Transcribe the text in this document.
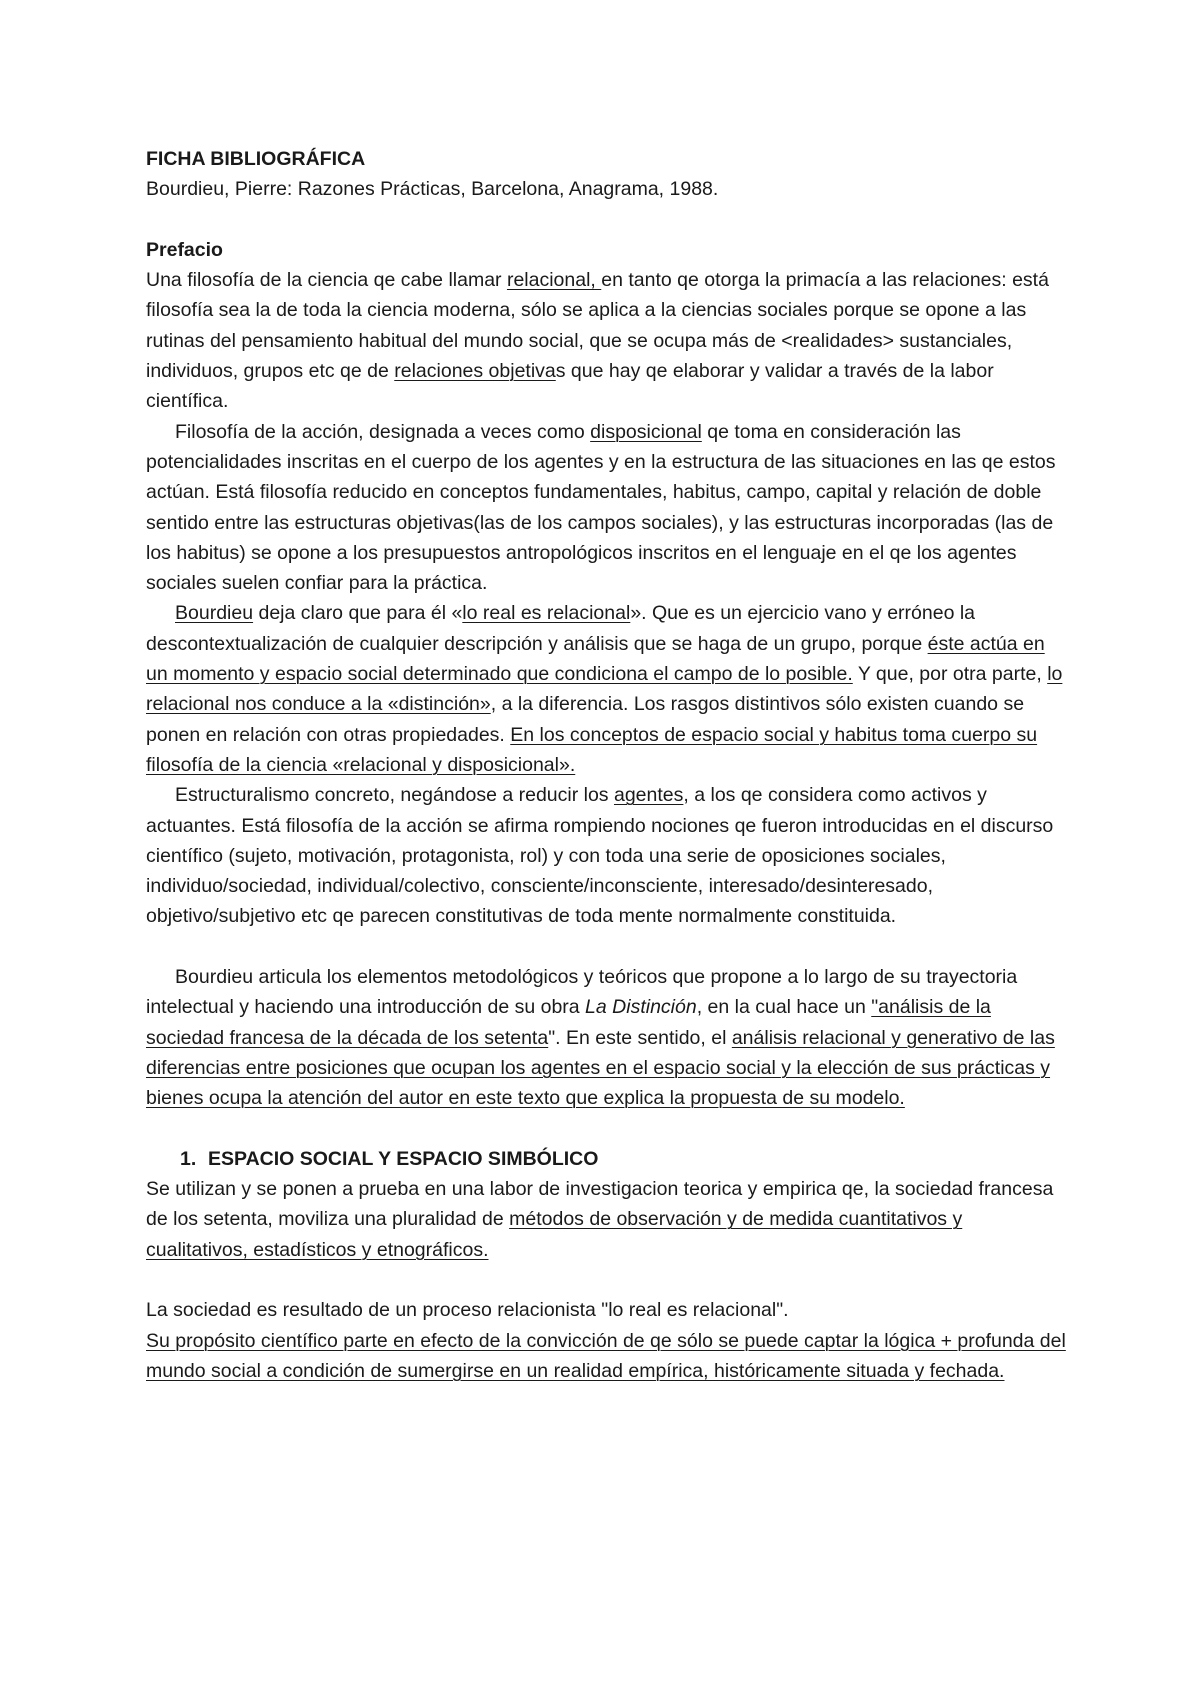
FICHA BIBLIOGRÁFICA

Bourdieu, Pierre: Razones Prácticas, Barcelona, Anagrama, 1988.

Prefacio

Una filosofía de la ciencia qe cabe llamar relacional, en tanto qe otorga la primacía a las relaciones: está filosofía sea la de toda la ciencia moderna, sólo se aplica a la ciencias sociales porque se opone a las rutinas del pensamiento habitual del mundo social, que se ocupa más de <realidades> sustanciales, individuos, grupos etc qe de relaciones objetivas que hay qe elaborar y validar a través de la labor científica.

Filosofía de la acción, designada a veces como disposicional qe toma en consideración las potencialidades inscritas en el cuerpo de los agentes y en la estructura de las situaciones en las qe estos actúan. Está filosofía reducido en conceptos fundamentales, habitus, campo, capital y relación de doble sentido entre las estructuras objetivas(las de los campos sociales), y las estructuras incorporadas (las de los habitus) se opone a los presupuestos antropológicos inscritos en el lenguaje en el qe los agentes sociales suelen confiar para la práctica.

Bourdieu deja claro que para él «lo real es relacional». Que es un ejercicio vano y erróneo la descontextualización de cualquier descripción y análisis que se haga de un grupo, porque éste actúa en un momento y espacio social determinado que condiciona el campo de lo posible. Y que, por otra parte, lo relacional nos conduce a la «distinción», a la diferencia. Los rasgos distintivos sólo existen cuando se ponen en relación con otras propiedades. En los conceptos de espacio social y habitus toma cuerpo su filosofía de la ciencia «relacional y disposicional».

Estructuralismo concreto, negándose a reducir los agentes, a los qe considera como activos y actuantes. Está filosofía de la acción se afirma rompiendo nociones qe fueron introducidas en el discurso científico (sujeto, motivación, protagonista, rol) y con toda una serie de oposiciones sociales, individuo/sociedad, individual/colectivo, consciente/inconsciente, interesado/desinteresado, objetivo/subjetivo etc qe parecen constitutivas de toda mente normalmente constituida.

Bourdieu articula los elementos metodológicos y teóricos que propone a lo largo de su trayectoria intelectual y haciendo una introducción de su obra La Distinción, en la cual hace un "análisis de la sociedad francesa de la década de los setenta". En este sentido, el análisis relacional y generativo de las diferencias entre posiciones que ocupan los agentes en el espacio social y la elección de sus prácticas y bienes ocupa la atención del autor en este texto que explica la propuesta de su modelo.

1. ESPACIO SOCIAL Y ESPACIO SIMBÓLICO

Se utilizan y se ponen a prueba en una labor de investigacion teorica y empirica qe, la sociedad francesa de los setenta, moviliza una pluralidad de métodos de observación y de medida cuantitativos y cualitativos, estadísticos y etnográficos.

La sociedad es resultado de un proceso relacionista "lo real es relacional".

Su propósito científico parte en efecto de la convicción de qe sólo se puede captar la lógica + profunda del mundo social a condición de sumergirse en un realidad empírica, históricamente situada y fechada.
